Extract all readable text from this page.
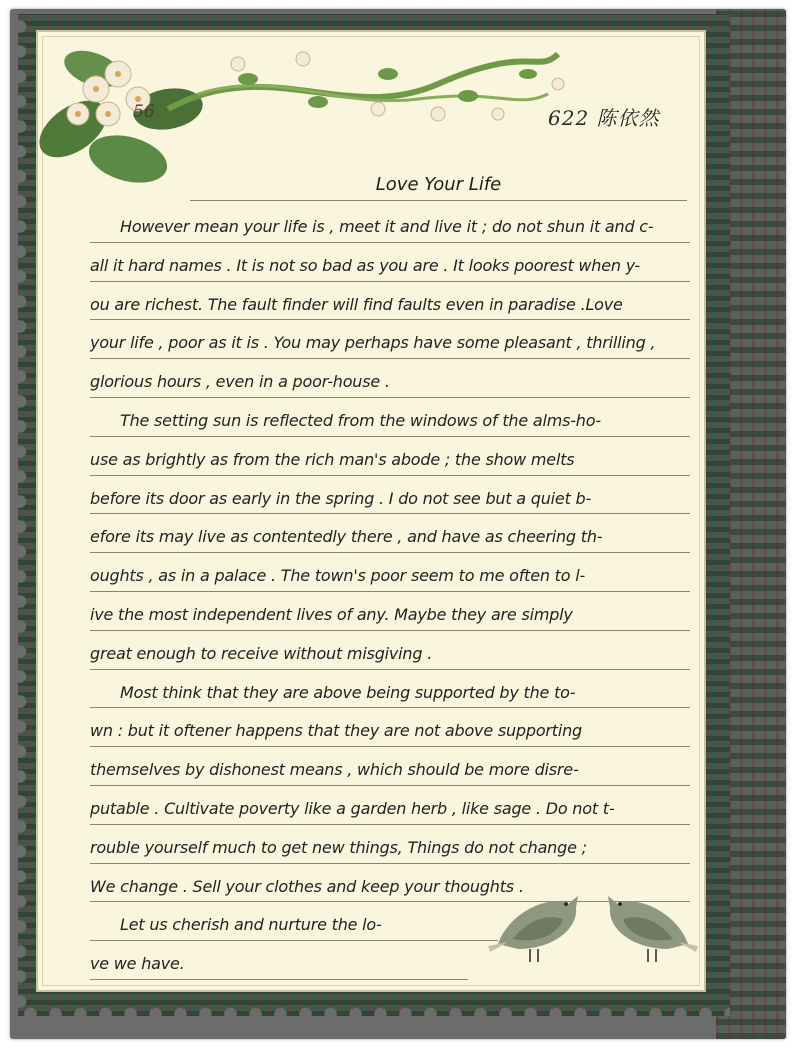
56	622 陈依然
Love Your Life
However mean your life is , meet it and live it ; do not shun it and c-
all it hard names . It is not so bad as you are . It looks poorest when y-
ou are richest. The fault finder will find faults even in paradise .Love
your life , poor as it is . You may perhaps have some pleasant , thrilling ,
glorious hours , even in a poor-house .
The setting sun is reflected from the windows of the alms-ho-
use as brightly as from the rich man's abode ; the show melts
before its door as early in the spring . I do not see but a quiet b-
efore its may live as contentedly there , and have as cheering th-
oughts , as in a palace . The town's poor seem to me often to l-
ive the most independent lives of any. Maybe they are simply
great enough to receive without misgiving .
Most think that they are above being supported by the to-
wn : but it oftener happens that they are not above supporting
themselves by dishonest means , which should be more disre-
putable . Cultivate poverty like a garden herb , like sage . Do not t-
rouble yourself much to get new things, Things do not change ;
We change . Sell your clothes and keep your thoughts .
Let us cherish and nurture the lo-
ve we have.
